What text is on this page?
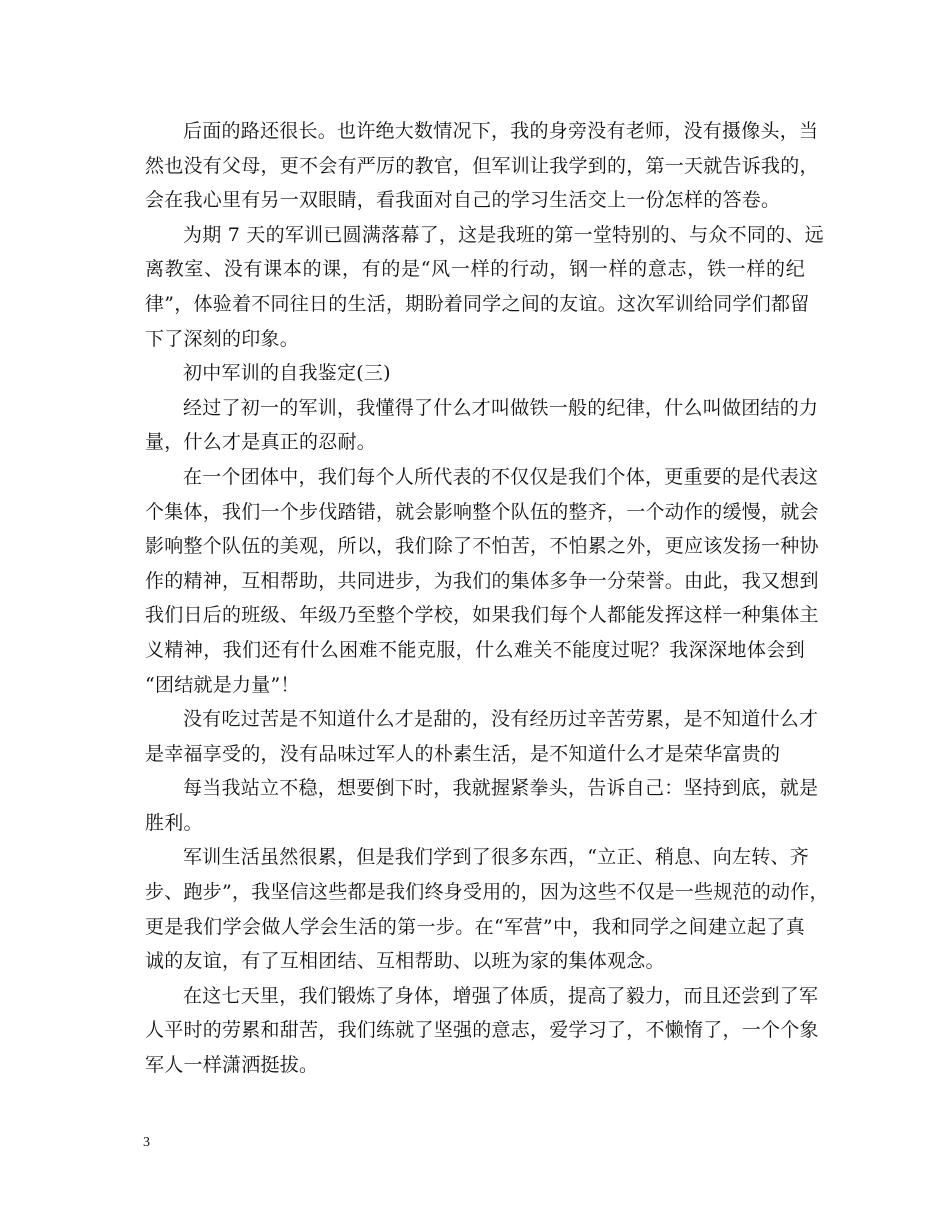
后面的路还很长。也许绝大数情况下，我的身旁没有老师，没有摄像头，当
然也没有父母，更不会有严厉的教官，但军训让我学到的，第一天就告诉我的，
会在我心里有另一双眼睛，看我面对自己的学习生活交上一份怎样的答卷。
为期 7 天的军训已圆满落幕了，这是我班的第一堂特别的、与众不同的、远
离教室、没有课本的课，有的是“风一样的行动，钢一样的意志，铁一样的纪
律”，体验着不同往日的生活，期盼着同学之间的友谊。这次军训给同学们都留
下了深刻的印象。
初中军训的自我鉴定(三)
经过了初一的军训，我懂得了什么才叫做铁一般的纪律，什么叫做团结的力
量，什么才是真正的忍耐。
在一个团体中，我们每个人所代表的不仅仅是我们个体，更重要的是代表这
个集体，我们一个步伐踏错，就会影响整个队伍的整齐，一个动作的缓慢，就会
影响整个队伍的美观，所以，我们除了不怕苦，不怕累之外，更应该发扬一种协
作的精神，互相帮助，共同进步，为我们的集体多争一分荣誉。由此，我又想到
我们日后的班级、年级乃至整个学校，如果我们每个人都能发挥这样一种集体主
义精神，我们还有什么困难不能克服，什么难关不能度过呢？我深深地体会到
“团结就是力量”！
没有吃过苦是不知道什么才是甜的，没有经历过辛苦劳累，是不知道什么才
是幸福享受的，没有品味过军人的朴素生活，是不知道什么才是荣华富贵的
每当我站立不稳，想要倒下时，我就握紧拳头，告诉自己：坚持到底，就是
胜利。
军训生活虽然很累，但是我们学到了很多东西，“立正、稍息、向左转、齐
步、跑步”，我坚信这些都是我们终身受用的，因为这些不仅是一些规范的动作，
更是我们学会做人学会生活的第一步。在“军营”中，我和同学之间建立起了真
诚的友谊，有了互相团结、互相帮助、以班为家的集体观念。
在这七天里，我们锻炼了身体，增强了体质，提高了毅力，而且还尝到了军
人平时的劳累和甜苦，我们练就了坚强的意志，爱学习了，不懒惰了，一个个象
军人一样潇洒挺拔。
3
